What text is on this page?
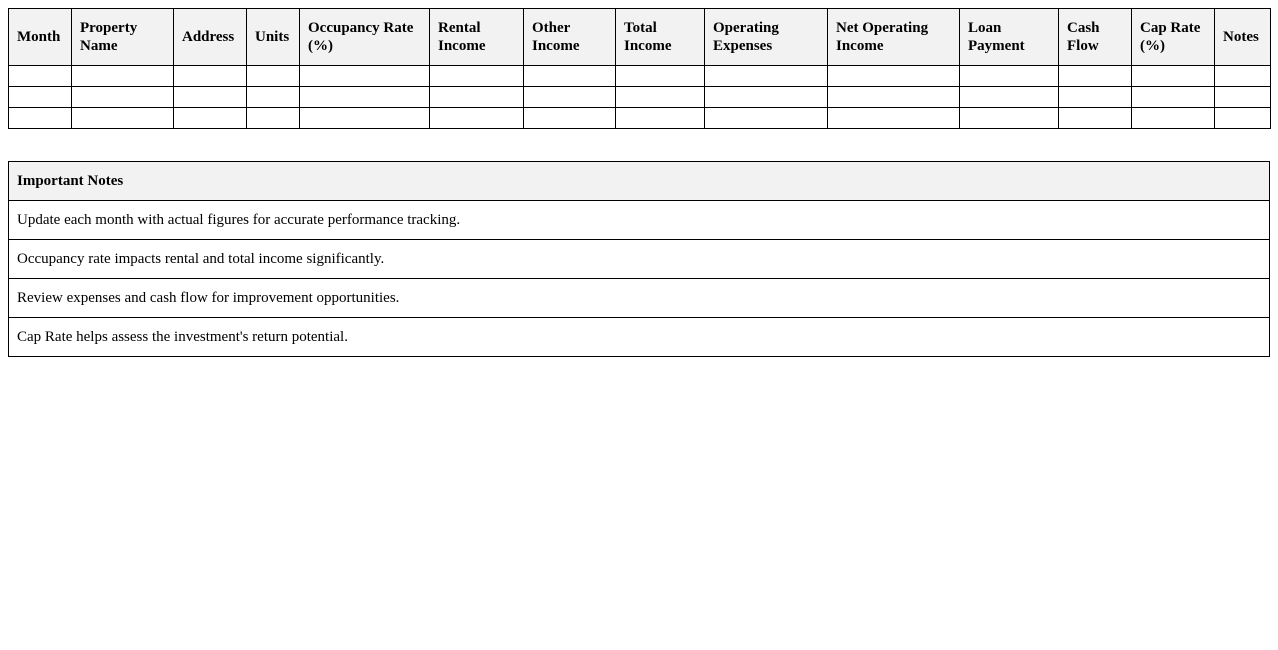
Month	Property Name	Address	Units	Occupancy Rate (%)	Rental Income	Other Income	Total Income	Operating Expenses	Net Operating Income	Loan Payment	Cash Flow	Cap Rate (%)	Notes

Important Notes
Update each month with actual figures for accurate performance tracking.
Occupancy rate impacts rental and total income significantly.
Review expenses and cash flow for improvement opportunities.
Cap Rate helps assess the investment's return potential.
